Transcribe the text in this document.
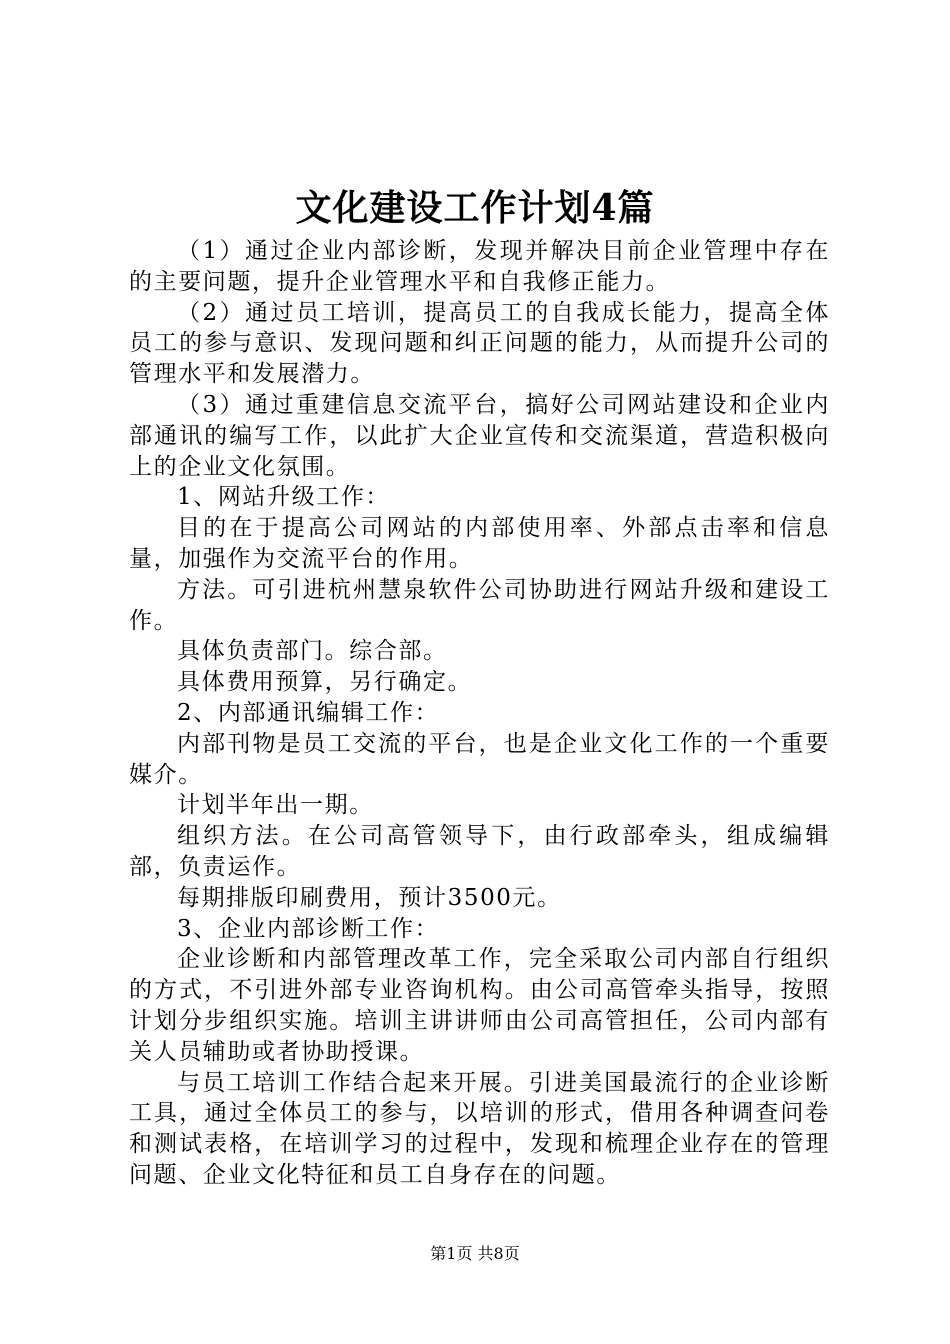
文化建设工作计划4篇

（1）通过企业内部诊断，发现并解决目前企业管理中存在的主要问题，提升企业管理水平和自我修正能力。

（2）通过员工培训，提高员工的自我成长能力，提高全体员工的参与意识、发现问题和纠正问题的能力，从而提升公司的管理水平和发展潜力。

（3）通过重建信息交流平台，搞好公司网站建设和企业内部通讯的编写工作，以此扩大企业宣传和交流渠道，营造积极向上的企业文化氛围。

1、网站升级工作：

目的在于提高公司网站的内部使用率、外部点击率和信息量，加强作为交流平台的作用。

方法。可引进杭州慧泉软件公司协助进行网站升级和建设工作。

具体负责部门。综合部。

具体费用预算，另行确定。

2、内部通讯编辑工作：

内部刊物是员工交流的平台，也是企业文化工作的一个重要媒介。

计划半年出一期。

组织方法。在公司高管领导下，由行政部牵头，组成编辑部，负责运作。

每期排版印刷费用，预计3500元。

3、企业内部诊断工作：

企业诊断和内部管理改革工作，完全采取公司内部自行组织的方式，不引进外部专业咨询机构。由公司高管牵头指导，按照计划分步组织实施。培训主讲讲师由公司高管担任，公司内部有关人员辅助或者协助授课。

与员工培训工作结合起来开展。引进美国最流行的企业诊断工具，通过全体员工的参与，以培训的形式，借用各种调查问卷和测试表格，在培训学习的过程中，发现和梳理企业存在的管理问题、企业文化特征和员工自身存在的问题。

第1页 共8页
